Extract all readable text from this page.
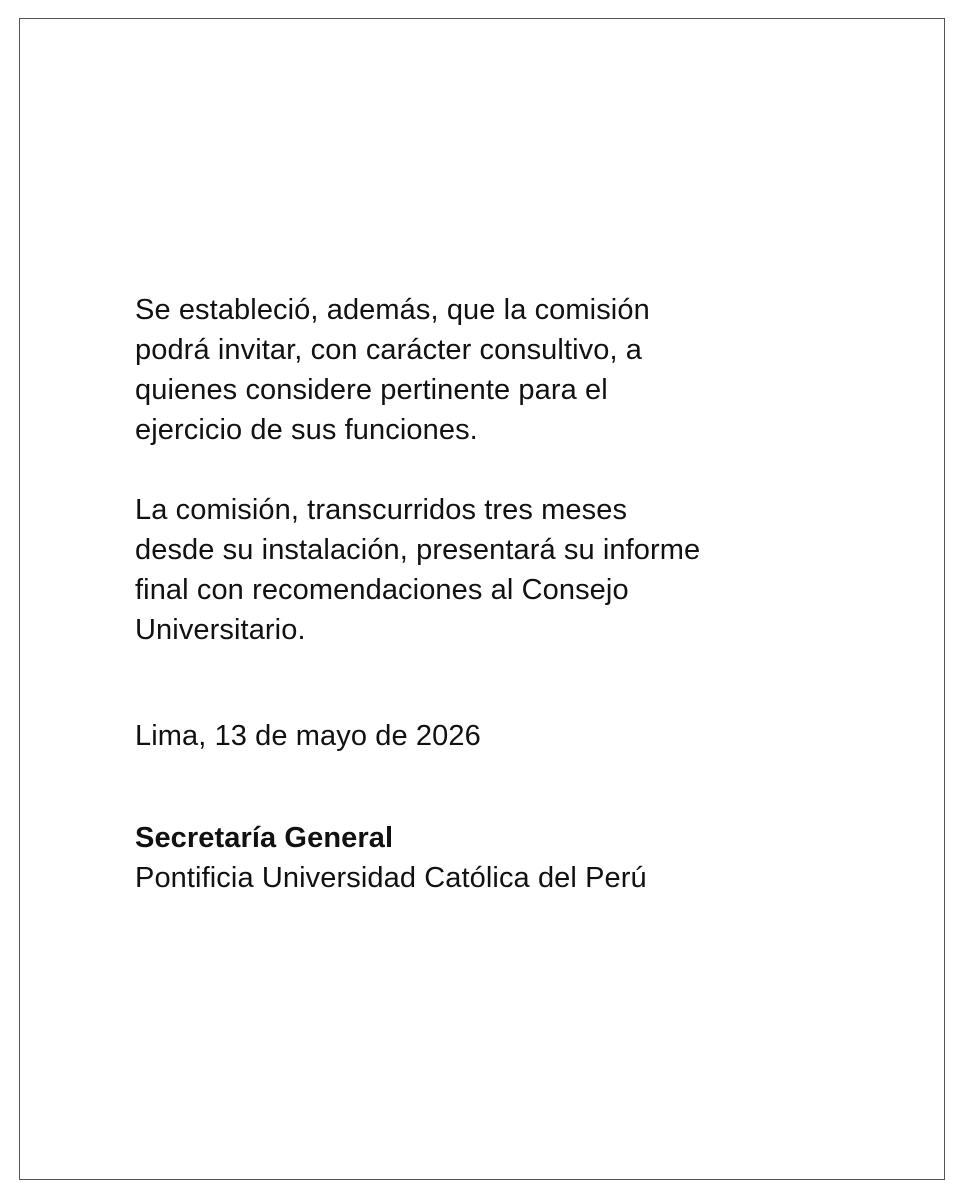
Se estableció, además, que la comisión
podrá invitar, con carácter consultivo, a
quienes considere pertinente para el
ejercicio de sus funciones.

La comisión, transcurridos tres meses
desde su instalación, presentará su informe
final con recomendaciones al Consejo
Universitario.

Lima, 13 de mayo de 2026

Secretaría General

Pontificia Universidad Católica del Perú
